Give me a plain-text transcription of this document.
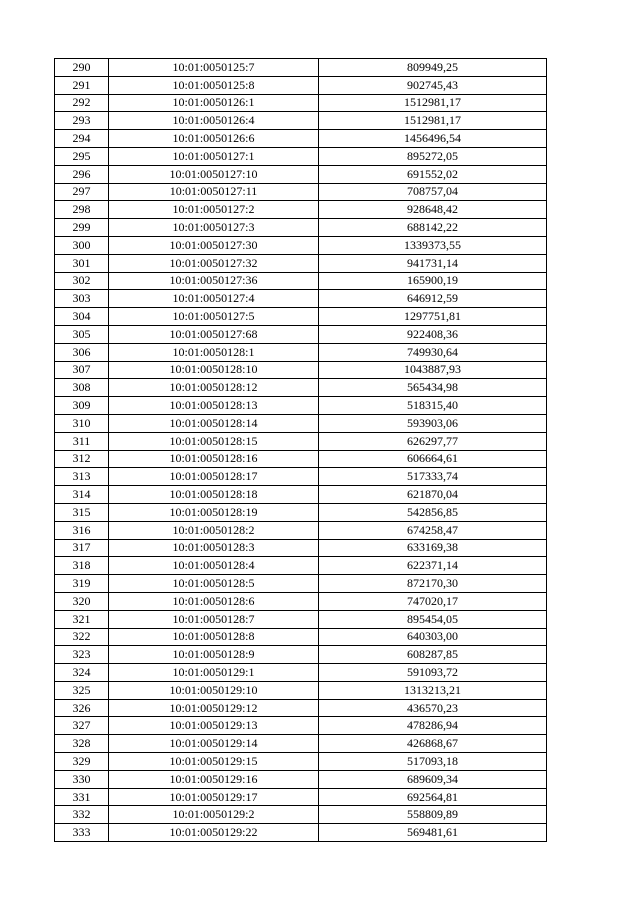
290	10:01:0050125:7	809949,25
291	10:01:0050125:8	902745,43
292	10:01:0050126:1	1512981,17
293	10:01:0050126:4	1512981,17
294	10:01:0050126:6	1456496,54
295	10:01:0050127:1	895272,05
296	10:01:0050127:10	691552,02
297	10:01:0050127:11	708757,04
298	10:01:0050127:2	928648,42
299	10:01:0050127:3	688142,22
300	10:01:0050127:30	1339373,55
301	10:01:0050127:32	941731,14
302	10:01:0050127:36	165900,19
303	10:01:0050127:4	646912,59
304	10:01:0050127:5	1297751,81
305	10:01:0050127:68	922408,36
306	10:01:0050128:1	749930,64
307	10:01:0050128:10	1043887,93
308	10:01:0050128:12	565434,98
309	10:01:0050128:13	518315,40
310	10:01:0050128:14	593903,06
311	10:01:0050128:15	626297,77
312	10:01:0050128:16	606664,61
313	10:01:0050128:17	517333,74
314	10:01:0050128:18	621870,04
315	10:01:0050128:19	542856,85
316	10:01:0050128:2	674258,47
317	10:01:0050128:3	633169,38
318	10:01:0050128:4	622371,14
319	10:01:0050128:5	872170,30
320	10:01:0050128:6	747020,17
321	10:01:0050128:7	895454,05
322	10:01:0050128:8	640303,00
323	10:01:0050128:9	608287,85
324	10:01:0050129:1	591093,72
325	10:01:0050129:10	1313213,21
326	10:01:0050129:12	436570,23
327	10:01:0050129:13	478286,94
328	10:01:0050129:14	426868,67
329	10:01:0050129:15	517093,18
330	10:01:0050129:16	689609,34
331	10:01:0050129:17	692564,81
332	10:01:0050129:2	558809,89
333	10:01:0050129:22	569481,61
